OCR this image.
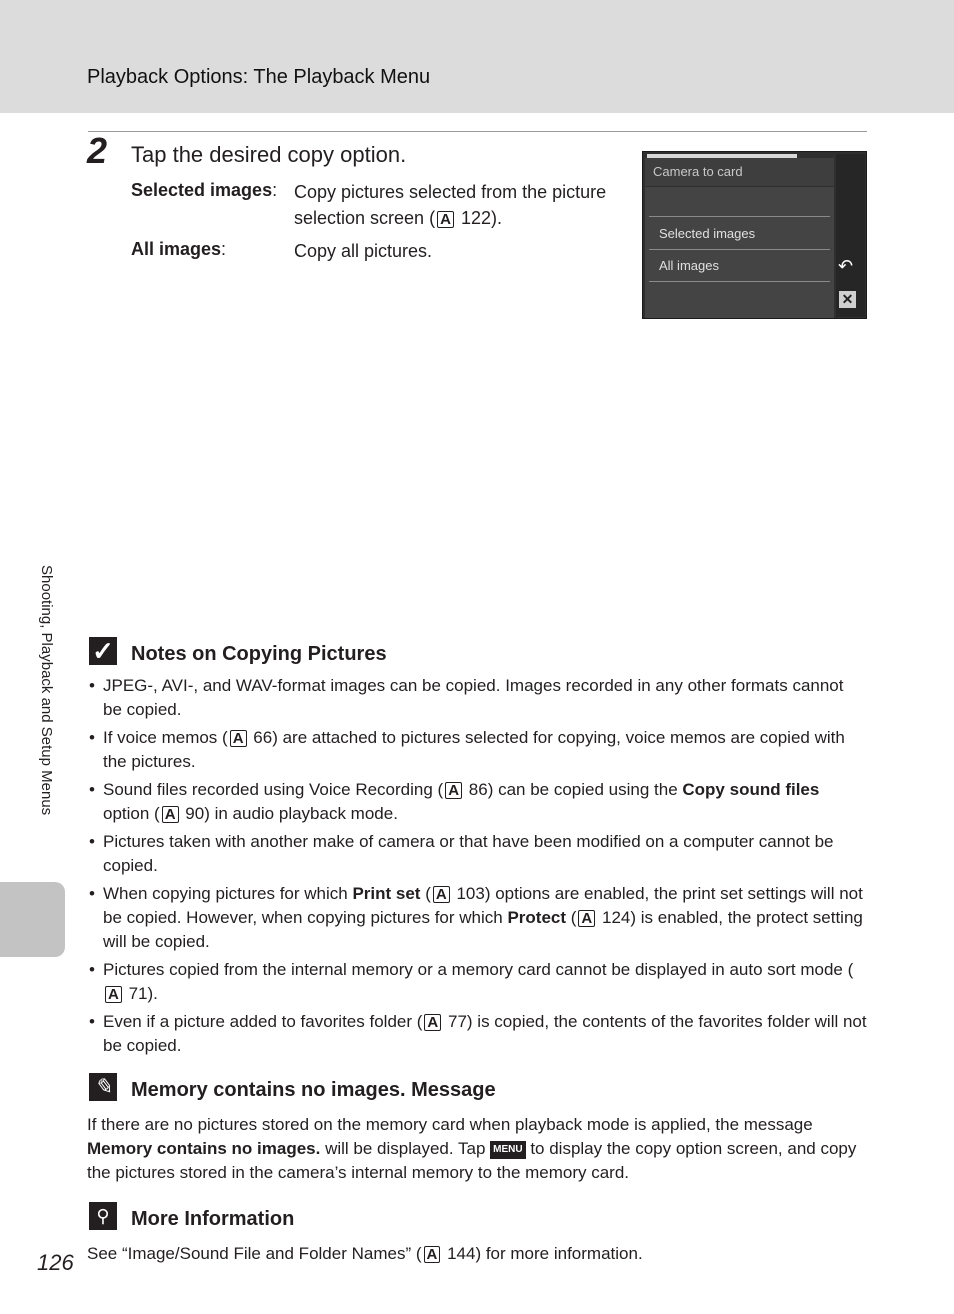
Playback Options: The Playback Menu
2 Tap the desired copy option.
Selected images: Copy pictures selected from the picture selection screen ( A 122).
All images:	Copy all pictures.
Camera to card
Selected images
All images	↶
✕
Shooting, Playback and Setup Menus ✓ Notes on Copying Pictures
• JPEG-, AVI-, and WAV-format images can be copied. Images recorded in any other formats cannot be copied.
• If voice memos ( A 66) are attached to pictures selected for copying, voice memos are copied with the pictures.
• Sound files recorded using Voice Recording ( A 86) can be copied using the Copy sound files option ( A 90) in audio playback mode.
• Pictures taken with another make of camera or that have been modified on a computer cannot be copied.
• When copying pictures for which Print set ( A 103) options are enabled, the print set settings will not be copied. However, when copying pictures for which Protect ( A 124) is enabled, the protect setting will be copied.
• Pictures copied from the internal memory or a memory card cannot be displayed in auto sort mode (A 71).
• Even if a picture added to favorites folder ( A 77) is copied, the contents of the favorites folder will not be copied.
✎ Memory contains no images. Message
If there are no pictures stored on the memory card when playback mode is applied, the message Memory contains no images. will be displayed. Tap MENU to display the copy option screen, and copy the pictures stored in the camera’s internal memory to the memory card.
⚲	More Information
See “Image/Sound File and Folder Names” ( A 144) for more information.
126
